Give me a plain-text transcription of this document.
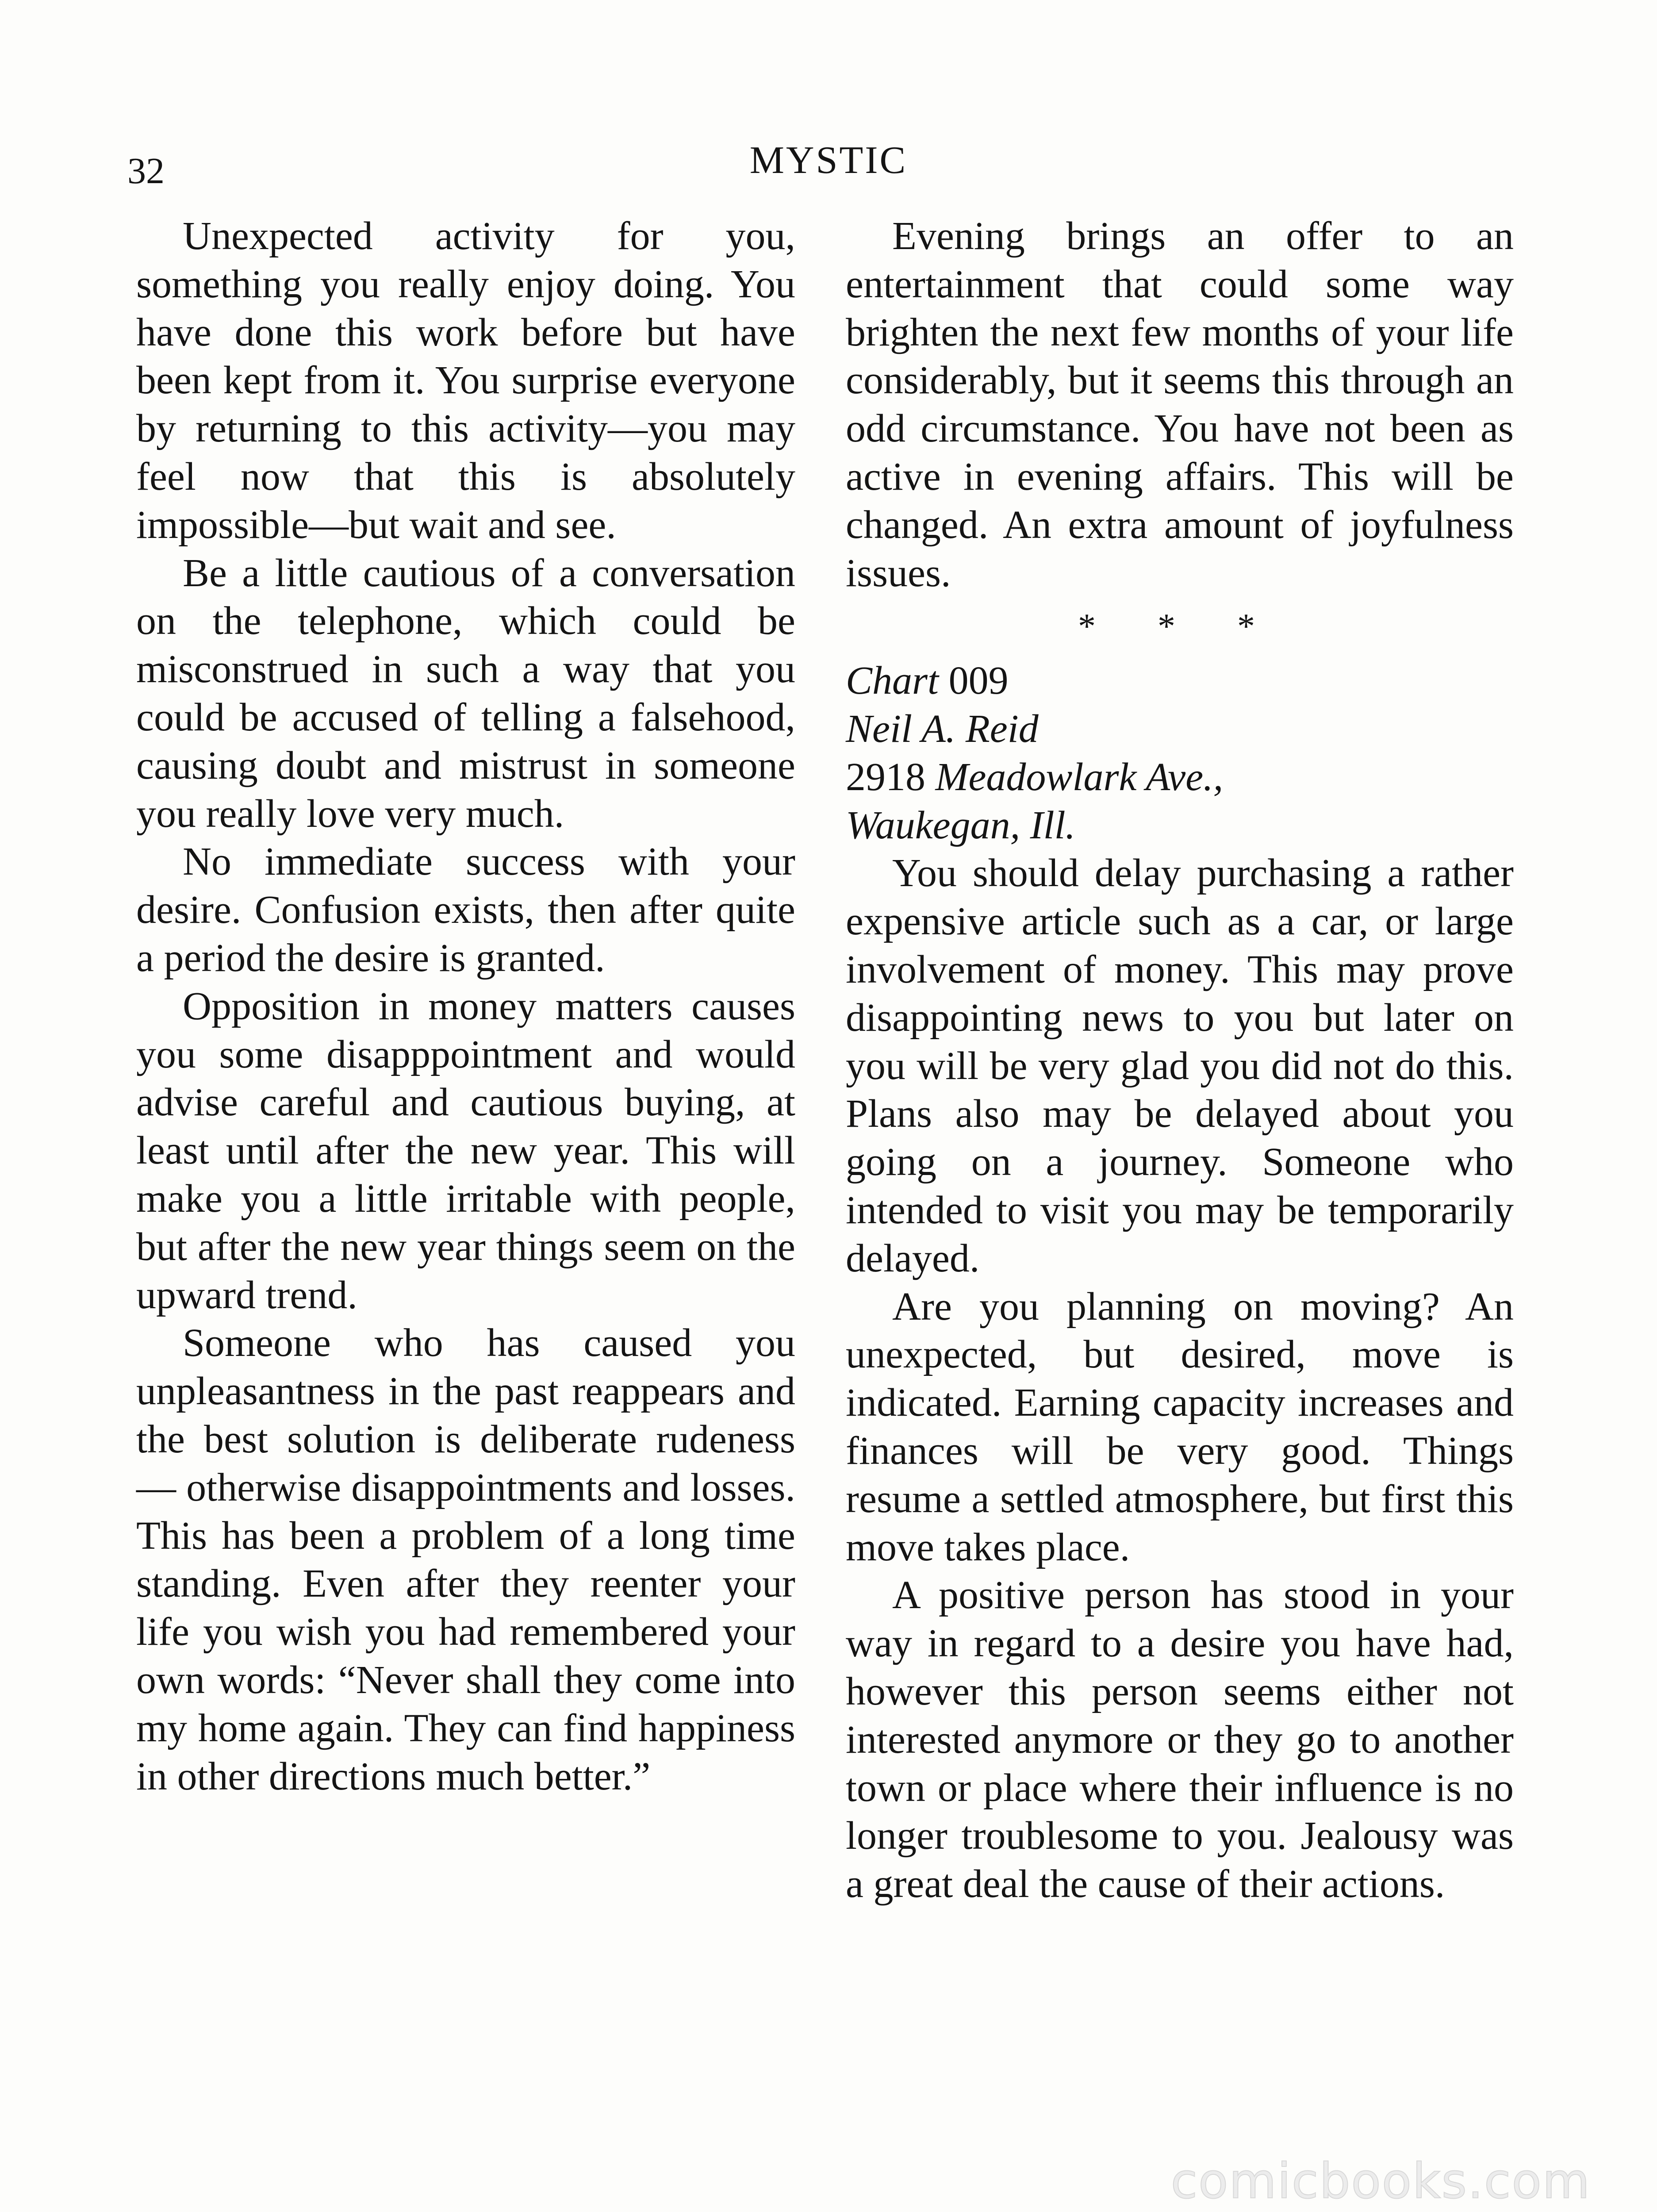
32	MYSTIC

Unexpected activity for you, something you really enjoy doing. You have done this work before but have been kept from it. You surprise everyone by returning to this activity—you may feel now that this is absolutely impossible—but wait and see.

Be a little cautious of a conversation on the telephone, which could be misconstrued in such a way that you could be accused of telling a falsehood, causing doubt and mistrust in someone you really love very much.

No immediate success with your desire. Confusion exists, then after quite a period the desire is granted.

Opposition in money matters causes you some disapppointment and would advise careful and cautious buying, at least until after the new year. This will make you a little irritable with people, but after the new year things seem on the upward trend.

Someone who has caused you unpleasantness in the past reappears and the best solution is deliberate rudeness — otherwise disappointments and losses. This has been a problem of a long time standing. Even after they reenter your life you wish you had remembered your own words: “Never shall they come into my home again. They can find happiness in other directions much better.”

Evening brings an offer to an entertainment that could some way brighten the next few months of your life considerably, but it seems this through an odd circumstance. You have not been as active in evening affairs. This will be changed. An extra amount of joyfulness issues.

* * *
Chart 009
Neil A. Reid
2918 Meadowlark Ave.,
Waukegan, Ill.

You should delay purchasing a rather expensive article such as a car, or large involvement of money. This may prove disappointing news to you but later on you will be very glad you did not do this. Plans also may be delayed about you going on a journey. Someone who intended to visit you may be temporarily delayed.

Are you planning on moving? An unexpected, but desired, move is indicated. Earning capacity increases and finances will be very good. Things resume a settled atmosphere, but first this move takes place.

A positive person has stood in your way in regard to a desire you have had, however this person seems either not interested anymore or they go to another town or place where their influence is no longer troublesome to you. Jealousy was a great deal the cause of their actions.

comicbooks.com
